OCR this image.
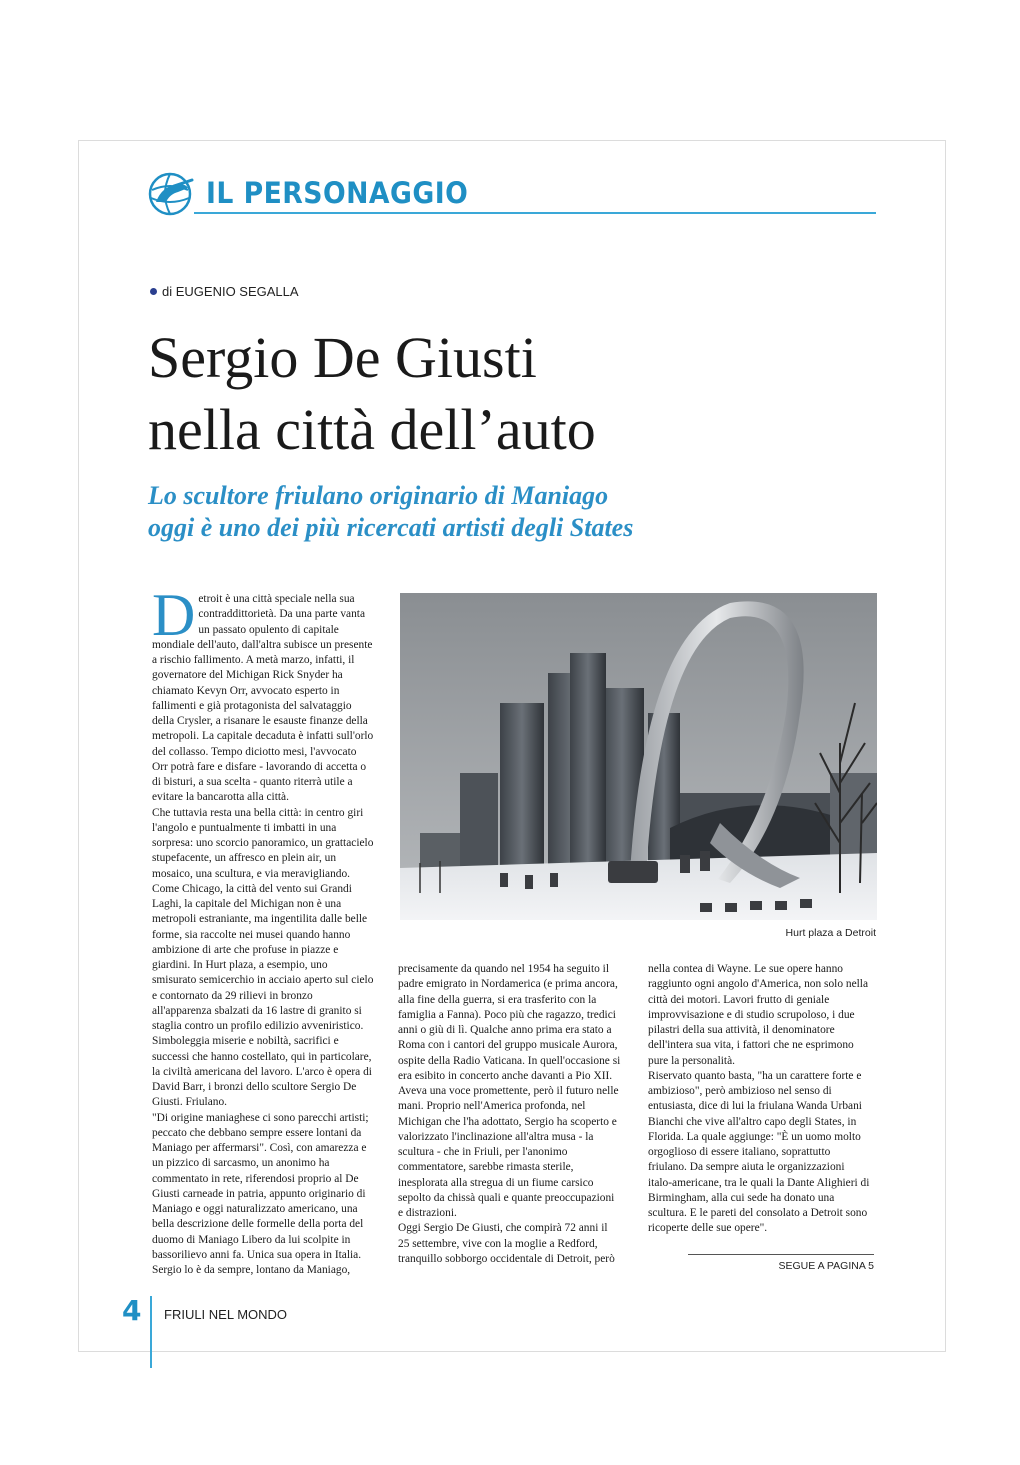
IL PERSONAGGIO
di EUGENIO SEGALLA
Sergio De Giusti
nella città dell’auto
Lo scultore friulano originario di Maniago
oggi è uno dei più ricercati artisti degli States
D etroit è una città speciale nella sua
contraddittorietà. Da una parte vanta
un passato opulento di capitale
mondiale dell'auto, dall'altra subisce un presente
a rischio fallimento. A metà marzo, infatti, il
governatore del Michigan Rick Snyder ha
chiamato Kevyn Orr, avvocato esperto in
fallimenti e già protagonista del salvataggio
della Crysler, a risanare le esauste finanze della
metropoli. La capitale decaduta è infatti sull'orlo
del collasso. Tempo diciotto mesi, l'avvocato
Orr potrà fare e disfare - lavorando di accetta o
di bisturi, a sua scelta - quanto riterrà utile a
evitare la bancarotta alla città.

Che tuttavia resta una bella città: in centro giri
l'angolo e puntualmente ti imbatti in una
sorpresa: uno scorcio panoramico, un grattacielo
stupefacente, un affresco en plein air, un
mosaico, una scultura, e via meravigliando.
Come Chicago, la città del vento sui Grandi
Laghi, la capitale del Michigan non è una
metropoli estraniante, ma ingentilita dalle belle
forme, sia raccolte nei musei quando hanno
ambizione di arte che profuse in piazze e
giardini. In Hurt plaza, a esempio, uno
smisurato semicerchio in acciaio aperto sul cielo
e contornato da 29 rilievi in bronzo
all'apparenza sbalzati da 16 lastre di granito si
staglia contro un profilo edilizio avveniristico.
Simboleggia miserie e nobiltà, sacrifici e
successi che hanno costellato, qui in particolare,
la civiltà americana del lavoro. L'arco è opera di
David Barr, i bronzi dello scultore Sergio De
Giusti. Friulano.

"Di origine maniaghese ci sono parecchi artisti;
peccato che debbano sempre essere lontani da
Maniago per affermarsi". Così, con amarezza e
un pizzico di sarcasmo, un anonimo ha
commentato in rete, riferendosi proprio al De
Giusti carneade in patria, appunto originario di
Maniago e oggi naturalizzato americano, una
bella descrizione delle formelle della porta del
duomo di Maniago Libero da lui scolpite in
bassorilievo anni fa. Unica sua opera in Italia.
Sergio lo è da sempre, lontano da Maniago,

Hurt plaza a Detroit

precisamente da quando nel 1954 ha seguito il
padre emigrato in Nordamerica (e prima ancora,
alla fine della guerra, si era trasferito con la
famiglia a Fanna). Poco più che ragazzo, tredici
anni o giù di lì. Qualche anno prima era stato a
Roma con i cantori del gruppo musicale Aurora,
ospite della Radio Vaticana. In quell'occasione si
era esibito in concerto anche davanti a Pio XII.
Aveva una voce promettente, però il futuro nelle
mani. Proprio nell'America profonda, nel
Michigan che l'ha adottato, Sergio ha scoperto e
valorizzato l'inclinazione all'altra musa - la
scultura - che in Friuli, per l'anonimo
commentatore, sarebbe rimasta sterile,
inesplorata alla stregua di un fiume carsico
sepolto da chissà quali e quante preoccupazioni
e distrazioni.

Oggi Sergio De Giusti, che compirà 72 anni il
25 settembre, vive con la moglie a Redford,
tranquillo sobborgo occidentale di Detroit, però

nella contea di Wayne. Le sue opere hanno
raggiunto ogni angolo d'America, non solo nella
città dei motori. Lavori frutto di geniale
improvvisazione e di studio scrupoloso, i due
pilastri della sua attività, il denominatore
dell'intera sua vita, i fattori che ne esprimono
pure la personalità.

Riservato quanto basta, "ha un carattere forte e
ambizioso", però ambizioso nel senso di
entusiasta, dice di lui la friulana Wanda Urbani
Bianchi che vive all'altro capo degli States, in
Florida. La quale aggiunge: "È un uomo molto
orgoglioso di essere italiano, soprattutto
friulano. Da sempre aiuta le organizzazioni
italo-americane, tra le quali la Dante Alighieri di
Birmingham, alla cui sede ha donato una
scultura. E le pareti del consolato a Detroit sono
ricoperte delle sue opere".

SEGUE A PAGINA 5
4 FRIULI NEL MONDO
